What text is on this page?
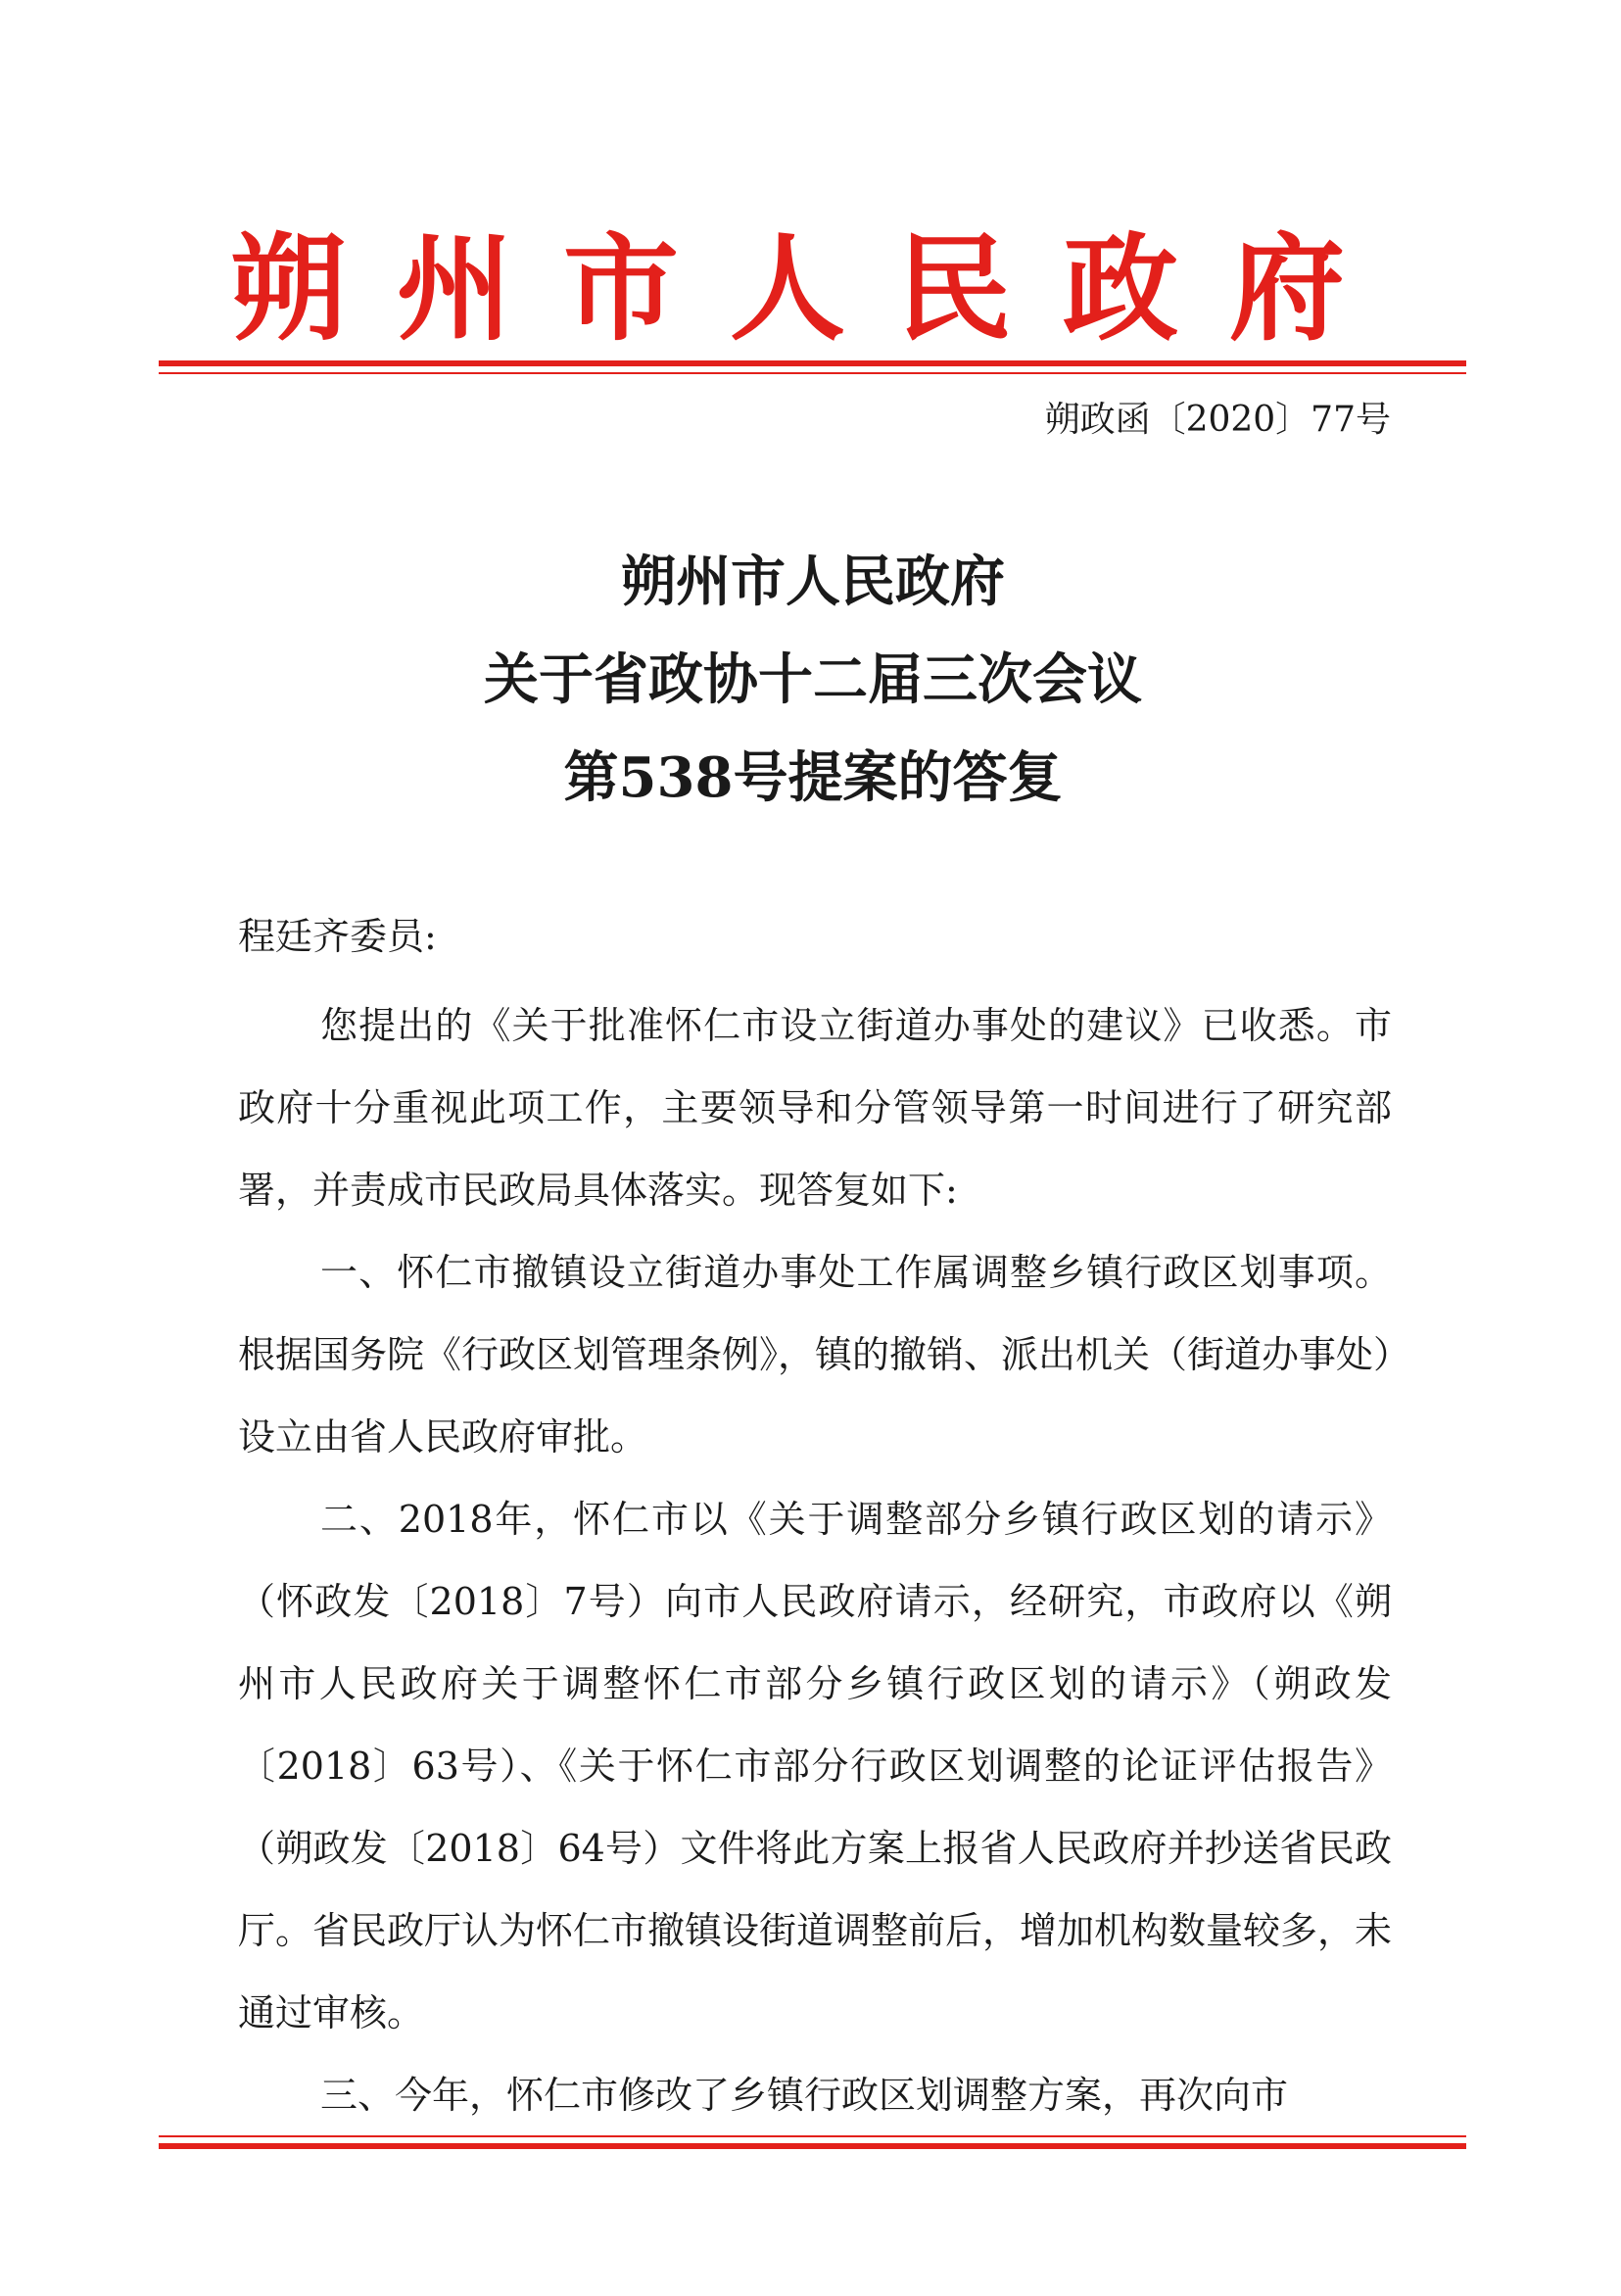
朔州市人民政府
朔政函〔2020〕77号
朔州市人民政府
关于省政协十二届三次会议
第538号提案的答复
程廷齐委员:
您提出的《关于批准怀仁市设立街道办事处的建议》已收悉。市政府十分重视此项工作，主要领导和分管领导第一时间进行了研究部署，并责成市民政局具体落实。现答复如下:
一、怀仁市撤镇设立街道办事处工作属调整乡镇行政区划事项。根据国务院《行政区划管理条例》，镇的撤销、派出机关（街道办事处）设立由省人民政府审批。
二、2018年，怀仁市以《关于调整部分乡镇行政区划的请示》（怀政发〔2018〕7号）向市人民政府请示，经研究，市政府以《朔州市人民政府关于调整怀仁市部分乡镇行政区划的请示》（朔政发〔2018〕63号）、《关于怀仁市部分行政区划调整的论证评估报告》（朔政发〔2018〕64号）文件将此方案上报省人民政府并抄送省民政厅。省民政厅认为怀仁市撤镇设街道调整前后，增加机构数量较多，未通过审核。
三、今年，怀仁市修改了乡镇行政区划调整方案，再次向市
